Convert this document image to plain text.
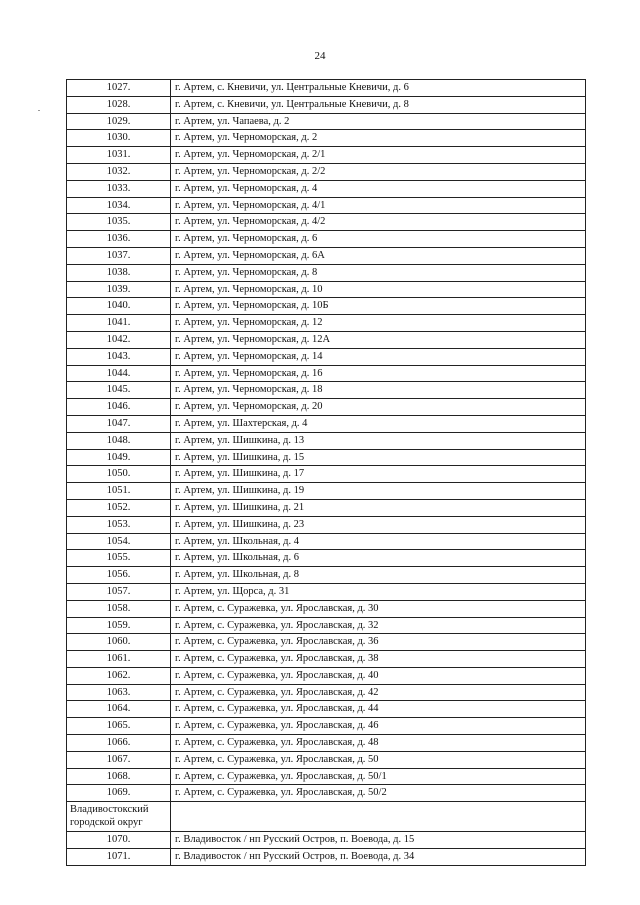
24
1027.	г. Артем, с. Кневичи, ул. Центральные Кневичи, д. 6
1028.	г. Артем, с. Кневичи, ул. Центральные Кневичи, д. 8
1029.	г. Артем, ул. Чапаева, д. 2
1030.	г. Артем, ул. Черноморская, д. 2
1031.	г. Артем, ул. Черноморская, д. 2/1
1032.	г. Артем, ул. Черноморская, д. 2/2
1033.	г. Артем, ул. Черноморская, д. 4
1034.	г. Артем, ул. Черноморская, д. 4/1
1035.	г. Артем, ул. Черноморская, д. 4/2
1036.	г. Артем, ул. Черноморская, д. 6
1037.	г. Артем, ул. Черноморская, д. 6А
1038.	г. Артем, ул. Черноморская, д. 8
1039.	г. Артем, ул. Черноморская, д. 10
1040.	г. Артем, ул. Черноморская, д. 10Б
1041.	г. Артем, ул. Черноморская, д. 12
1042.	г. Артем, ул. Черноморская, д. 12А
1043.	г. Артем, ул. Черноморская, д. 14
1044.	г. Артем, ул. Черноморская, д. 16
1045.	г. Артем, ул. Черноморская, д. 18
1046.	г. Артем, ул. Черноморская, д. 20
1047.	г. Артем, ул. Шахтерская, д. 4
1048.	г. Артем, ул. Шишкина, д. 13
1049.	г. Артем, ул. Шишкина, д. 15
1050.	г. Артем, ул. Шишкина, д. 17
1051.	г. Артем, ул. Шишкина, д. 19
1052.	г. Артем, ул. Шишкина, д. 21
1053.	г. Артем, ул. Шишкина, д. 23
1054.	г. Артем, ул. Школьная, д. 4
1055.	г. Артем, ул. Школьная, д. 6
1056.	г. Артем, ул. Школьная, д. 8
1057.	г. Артем, ул. Щорса, д. 31
1058.	г. Артем, с. Суражевка, ул. Ярославская, д. 30
1059.	г. Артем, с. Суражевка, ул. Ярославская, д. 32
1060.	г. Артем, с. Суражевка, ул. Ярославская, д. 36
1061.	г. Артем, с. Суражевка, ул. Ярославская, д. 38
1062.	г. Артем, с. Суражевка, ул. Ярославская, д. 40
1063.	г. Артем, с. Суражевка, ул. Ярославская, д. 42
1064.	г. Артем, с. Суражевка, ул. Ярославская, д. 44
1065.	г. Артем, с. Суражевка, ул. Ярославская, д. 46
1066.	г. Артем, с. Суражевка, ул. Ярославская, д. 48
1067.	г. Артем, с. Суражевка, ул. Ярославская, д. 50
1068.	г. Артем, с. Суражевка, ул. Ярославская, д. 50/1
1069.	г. Артем, с. Суражевка, ул. Ярославская, д. 50/2
Владивостокский городской округ	
1070.	г. Владивосток / нп Русский Остров, п. Воевода, д. 15
1071.	г. Владивосток / нп Русский Остров, п. Воевода, д. 34
